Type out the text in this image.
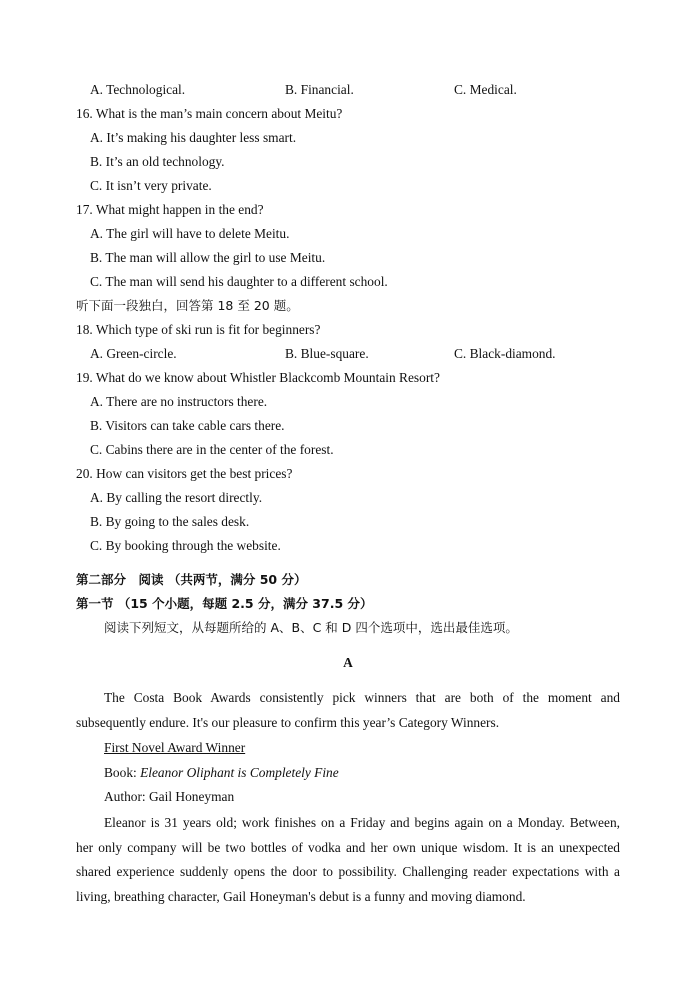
A. Technological.	B. Financial.	C. Medical.
16. What is the man’s main concern about Meitu?
A. It’s making his daughter less smart.
B. It’s an old technology.
C. It isn’t very private.
17. What might happen in the end?
A. The girl will have to delete Meitu.
B. The man will allow the girl to use Meitu.
C. The man will send his daughter to a different school.
听下面一段独白，回答第 18 至 20 题。
18. Which type of ski run is fit for beginners?
A. Green-circle.	B. Blue-square.	C. Black-diamond.
19. What do we know about Whistler Blackcomb Mountain Resort?
A. There are no instructors there.
B. Visitors can take cable cars there.
C. Cabins there are in the center of the forest.
20. How can visitors get the best prices?
A. By calling the resort directly.
B. By going to the sales desk.
C. By booking through the website.
第二部分　阅读 （共两节，满分 50 分）
第一节 （15 个小题，每题 2.5 分，满分 37.5 分）
阅读下列短文，从每题所给的 A、B、C 和 D 四个选项中，选出最佳选项。
A
The Costa Book Awards consistently pick winners that are both of the moment and
subsequently endure. It's our pleasure to confirm this year’s Category Winners.
First Novel Award Winner
Book: Eleanor Oliphant is Completely Fine
Author: Gail Honeyman
Eleanor is 31 years old; work finishes on a Friday and begins again on a Monday. Between,
her only company will be two bottles of vodka and her own unique wisdom. It is an unexpected
shared experience suddenly opens the door to possibility. Challenging reader expectations with a
living, breathing character, Gail Honeyman's debut is a funny and moving diamond.
